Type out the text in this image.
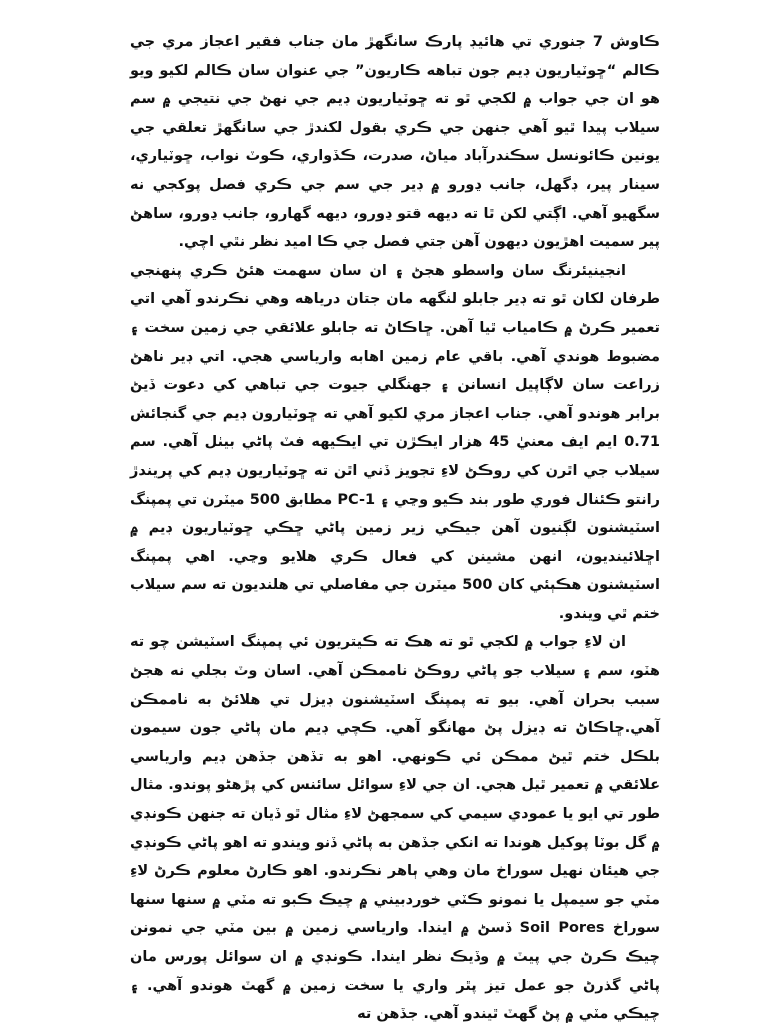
ڪاوش 7 جنوري تي هائيڊ پارڪ سانگهڙ مان جناب فقير اعجاز مري جي ڪالم “ڇوٽياريون ڊيم جون تباهه ڪاريون” جي عنوان سان ڪالم لکيو ويو هو ان جي جواب ۾ لکجي ٿو ته ڇوٽياريون ڊيم جي نهڻ جي نتيجي ۾ سم سيلاب پيدا ٿيو آهي جنهن جي ڪري بقول لکندڙ جي سانگهڙ تعلقي جي يونين ڪائونسل سڪندرآباد مياڻ، صدرت، ڪڏواري، ڪوٽ نواب، ڇوٽياري، سينار پير، ڊگهل، جانب ڍورو ۾ ڊير جي سم جي ڪري فصل پوکجي نه سگهيو آهي. اڳتي لکن ٿا ته ديهه قتو ڍورو، ديهه گهارو، جانب ڍورو، ساهڻ پير سميت اهڙيون ديهون آهن جتي فصل جي ڪا اميد نظر نٿي اچي.

انجينيئرنگ سان واسطو هجڻ ۽ ان سان سهمت هئڻ ڪري پنهنجي طرفان لکان ٿو ته ڊير جابلو لنگهه مان جتان درياهه وهي نڪرندو آهي اتي تعمير ڪرڻ ۾ ڪامياب ٿيا آهن. ڇاڪاڻ ته جابلو علائقي جي زمين سخت ۽ مضبوط هوندي آهي. باقي عام زمين اهابه وارياسي هجي. اتي ڊير ناهڻ زراعت سان لاڳاپيل انسانن ۽ جهنگلي جيوت جي تباهي کي دعوت ڏيڻ برابر هوندو آهي. جناب اعجاز مري لکيو آهي ته ڇوٽيارون ڊيم جي گنجائش 0.71 ايم ايف معنيٰ 45 هزار ايڪڙن تي ايڪيهه فٽ پاڻي بيٺل آهي. سم سيلاب جي اٿرن کي روڪڻ لاءِ تجويز ڏني اٿن ته ڇوٽياريون ڊيم کي پريندڙ رانتو ڪئنال فوري طور بند ڪيو وڃي ۽ PC-1 مطابق 500 ميٽرن تي پمپنگ اسٽيشنون لڳنيون آهن جيڪي زير زمين پاڻي ڇڪي ڇوٽياريون ڊيم ۾ اڇلائينديون، انهن مشينن کي فعال ڪري هلايو وڃي. اهي پمپنگ اسٽيشنون هڪٻئي کان 500 ميٽرن جي مفاصلي تي هلنديون ته سم سيلاب ختم ٿي ويندو.

ان لاءِ جواب ۾ لکجي ٿو ته هڪ ته ڪيتريون ئي پمپنگ اسٽيشن چو ته هٽو، سم ۽ سيلاب جو پاڻي روڪڻ ناممڪن آهي. اسان وٽ بجلي نه هجڻ سبب بحران آهي. بيو ته پمپنگ اسٽيشنون ڊيزل تي هلائڻ به ناممڪن آهي.ڇاڪاڻ ته ڊيزل پڻ مهانگو آهي. ڪچي ڊيم مان پاڻي جون سيمون بلڪل ختم ٿيڻ ممڪن ئي ڪونهي. اهو به تڏهن جڏهن ڊيم وارياسي علائقي ۾ تعمير ٿيل هجي. ان جي لاءِ سوائل سائنس کي پڙهڻو پوندو. مثال طور تي ايو يا عمودي سيمي کي سمجهڻ لاءِ مثال ٿو ڏيان ته جنهن ڪونڊي ۾ گل بوٽا پوکيل هوندا ته انکي جڏهن به پاڻي ڏنو ويندو ته اهو پاڻي ڪونڊي جي هيئان نهيل سوراخ مان وهي ٻاهر نڪرندو. اهو ڪارڻ معلوم ڪرڻ لاءِ مٽي جو سيمپل يا نمونو ڪٽي خوردبيني ۾ چيڪ ڪبو ته مٽي ۾ سنها سنها سوراخ Soil Pores ڏسڻ ۾ ايندا. وارياسي زمين ۾ بين مٽي جي نمونن چيڪ ڪرڻ جي پيٽ ۾ وڏيڪ نظر ايندا. ڪونڊي ۾ ان سوائل پورس مان پاڻي گذرڻ جو عمل تيز پٿر واري يا سخت زمين ۾ گهٽ هوندو آهي. ۽ چيڪي مٽي ۾ پڻ گهٽ ٿيندو آهي. جڏهن ته
